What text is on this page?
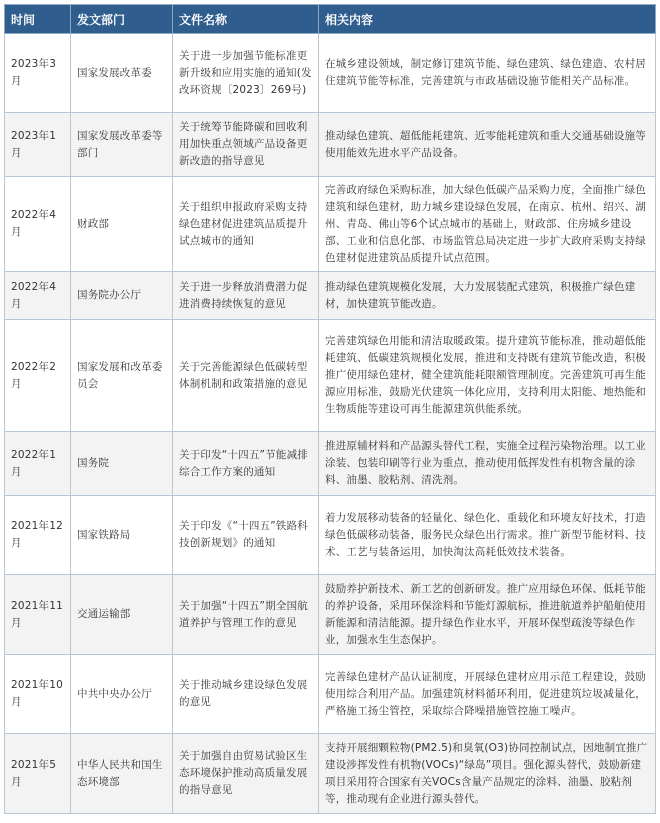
时间	发文部门	文件名称	相关内容
2023年3月	国家发展改革委	关于进一步加强节能标准更新升级和应用实施的通知(发改环资规〔2023〕269号)	在城乡建设领域，制定修订建筑节能、绿色建筑、绿色建造、农村居住建筑节能等标准，完善建筑与市政基础设施节能相关产品标准。
2023年1月	国家发展改革委等部门	关于统筹节能降碳和回收利用加快重点领域产品设备更新改造的指导意见	推动绿色建筑、超低能耗建筑、近零能耗建筑和重大交通基础设施等使用能效先进水平产品设备。
2022年4月	财政部	关于组织申报政府采购支持绿色建材促进建筑品质提升试点城市的通知	完善政府绿色采购标准，加大绿色低碳产品采购力度，全面推广绿色建筑和绿色建材，助力城乡建设绿色发展，在南京、杭州、绍兴、湖州、青岛、佛山等6个试点城市的基础上，财政部、住房城乡建设部、工业和信息化部、市场监管总局决定进一步扩大政府采购支持绿色建材促进建筑品质提升试点范围。
2022年4月	国务院办公厅	关于进一步释放消费潜力促进消费持续恢复的意见	推动绿色建筑规模化发展，大力发展装配式建筑，积极推广绿色建材，加快建筑节能改造。
2022年2月	国家发展和改革委员会	关于完善能源绿色低碳转型体制机制和政策措施的意见	完善建筑绿色用能和清洁取暖政策。提升建筑节能标准，推动超低能耗建筑、低碳建筑规模化发展，推进和支持既有建筑节能改造，积极推广使用绿色建材，健全建筑能耗限额管理制度。完善建筑可再生能源应用标准，鼓励光伏建筑一体化应用，支持利用太阳能、地热能和生物质能等建设可再生能源建筑供能系统。
2022年1月	国务院	关于印发“十四五”节能减排综合工作方案的通知	推进原辅材料和产品源头替代工程，实施全过程污染物治理。以工业涂装、包装印刷等行业为重点，推动使用低挥发性有机物含量的涂料、油墨、胶粘剂、清洗剂。
2021年12月	国家铁路局	关于印发《“十四五”铁路科技创新规划》的通知	着力发展移动装备的轻量化、绿色化、重载化和环境友好技术，打造绿色低碳移动装备，服务民众绿色出行需求。推广新型节能材料、技术、工艺与装备运用，加快淘汰高耗低效技术装备。
2021年11月	交通运输部	关于加强“十四五”期全国航道养护与管理工作的意见	鼓励养护新技术、新工艺的创新研发。推广应用绿色环保、低耗节能的养护设备，采用环保涂料和节能灯源航标，推进航道养护船舶使用新能源和清洁能源。提升绿色作业水平，开展环保型疏浚等绿色作业，加强水生生态保护。
2021年10月	中共中央办公厅	关于推动城乡建设绿色发展的意见	完善绿色建材产品认证制度，开展绿色建材应用示范工程建设，鼓励使用综合利用产品。加强建筑材料循环利用，促进建筑垃圾减量化，严格施工扬尘管控，采取综合降噪措施管控施工噪声。
2021年5月	中华人民共和国生态环境部	关于加强自由贸易试验区生态环境保护推动高质量发展的指导意见	支持开展细颗粒物(PM2.5)和臭氧(O3)协同控制试点，因地制宜推广建设涉挥发性有机物(VOCs)“绿岛”项目。强化源头替代，鼓励新建项目采用符合国家有关VOCs含量产品规定的涂料、油墨、胶粘剂等，推动现有企业进行源头替代。
